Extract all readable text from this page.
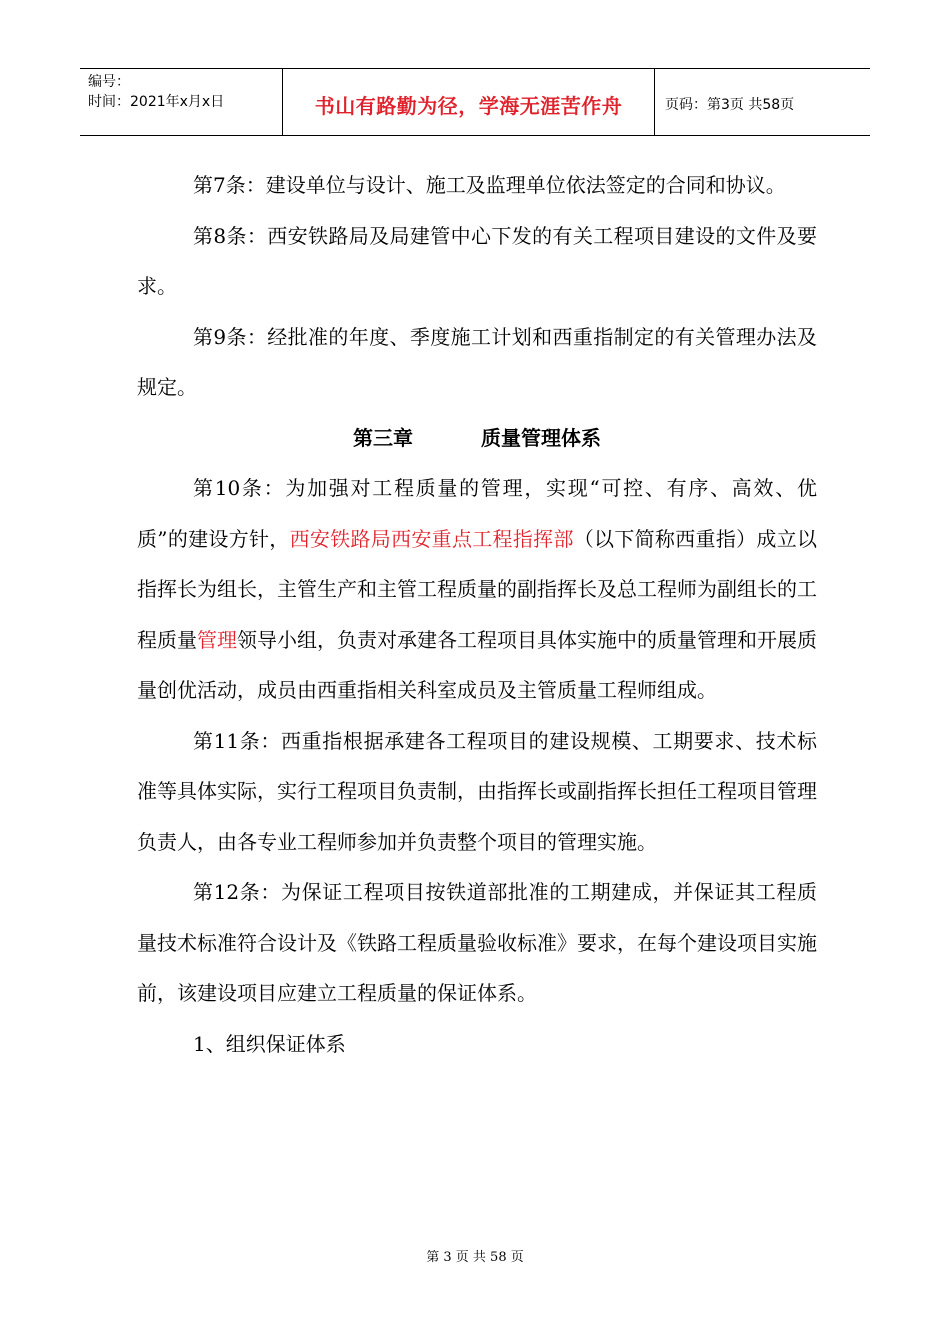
编号：
时间：2021年x月x日	书山有路勤为径，学海无涯苦作舟	页码：第3页 共58页

第7条：建设单位与设计、施工及监理单位依法签定的合同和协议。

第8条：西安铁路局及局建管中心下发的有关工程项目建设的文件及要求。

第9条：经批准的年度、季度施工计划和西重指制定的有关管理办法及规定。

第三章	质量管理体系

第10条：为加强对工程质量的管理，实现“可控、有序、高效、优质”的建设方针，西安铁路局西安重点工程指挥部（以下简称西重指）成立以指挥长为组长，主管生产和主管工程质量的副指挥长及总工程师为副组长的工程质量管理领导小组，负责对承建各工程项目具体实施中的质量管理和开展质量创优活动，成员由西重指相关科室成员及主管质量工程师组成。

第11条：西重指根据承建各工程项目的建设规模、工期要求、技术标准等具体实际，实行工程项目负责制，由指挥长或副指挥长担任工程项目管理负责人，由各专业工程师参加并负责整个项目的管理实施。

第12条：为保证工程项目按铁道部批准的工期建成，并保证其工程质量技术标准符合设计及《铁路工程质量验收标准》要求，在每个建设项目实施前，该建设项目应建立工程质量的保证体系。

1、组织保证体系

第 3 页 共 58 页
